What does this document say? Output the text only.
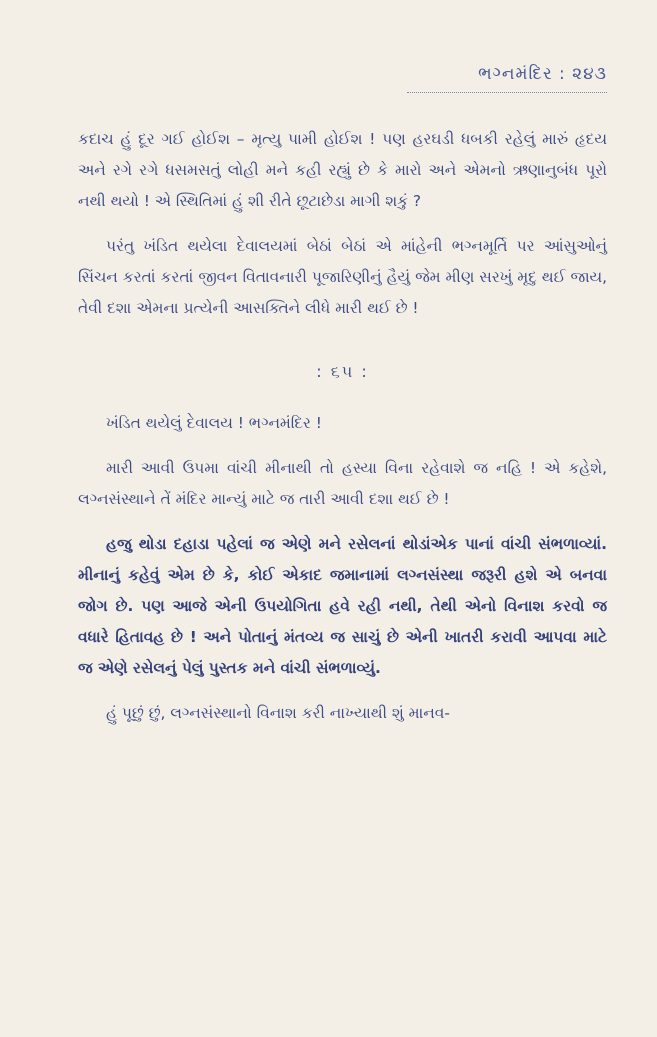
ભગ્નમંદિર : ૨૪૩

કદાચ હું દૂર ગઈ હોઈશ – મૃત્યુ પામી હોઈશ ! પણ હરઘડી ધબકી રહેલું મારું હૃદય અને રગે રગે ધસમસતું લોહી મને કહી રહ્યું છે કે મારો અને એમનો ઋણાનુબંધ પૂરો નથી થયો ! એ સ્થિતિમાં હું શી રીતે છૂટાછેડા માગી શકું ?

પરંતુ ખંડિત થયેલા દેવાલયમાં બેઠાં બેઠાં એ માંહેની ભગ્નમૂર્તિ પર આંસુઓનું સિંચન કરતાં કરતાં જીવન વિતાવનારી પૂજારિણીનું હૈયું જેમ મીણ સરખું મૃદુ થઈ જાય, તેવી દશા એમના પ્રત્યેની આસક્તિને લીધે મારી થઈ છે !

: ૬૫ :

ખંડિત થયેલું દેવાલય ! ભગ્નમંદિર !

મારી આવી ઉપમા વાંચી મીનાથી તો હસ્યા વિના રહેવાશે જ નહિ ! એ કહેશે, લગ્નસંસ્થાને તેં મંદિર માન્યું માટે જ તારી આવી દશા થઈ છે !

હજુ થોડા દહાડા પહેલાં જ એણે મને રસેલનાં થોડાંએક પાનાં વાંચી સંભળાવ્યાં. મીનાનું કહેવું એમ છે કે, કોઈ એકાદ જમાનામાં લગ્નસંસ્થા જરૂરી હશે એ બનવા જોગ છે. પણ આજે એની ઉપયોગિતા હવે રહી નથી, તેથી એનો વિનાશ કરવો જ વધારે હિતાવહ છે ! અને પોતાનું મંતવ્ય જ સાચું છે એની ખાતરી કરાવી આપવા માટે જ એણે રસેલનું પેલું પુસ્તક મને વાંચી સંભળાવ્યું.

હું પૂછું છું, લગ્નસંસ્થાનો વિનાશ કરી નાખ્યાથી શું માનવ-
